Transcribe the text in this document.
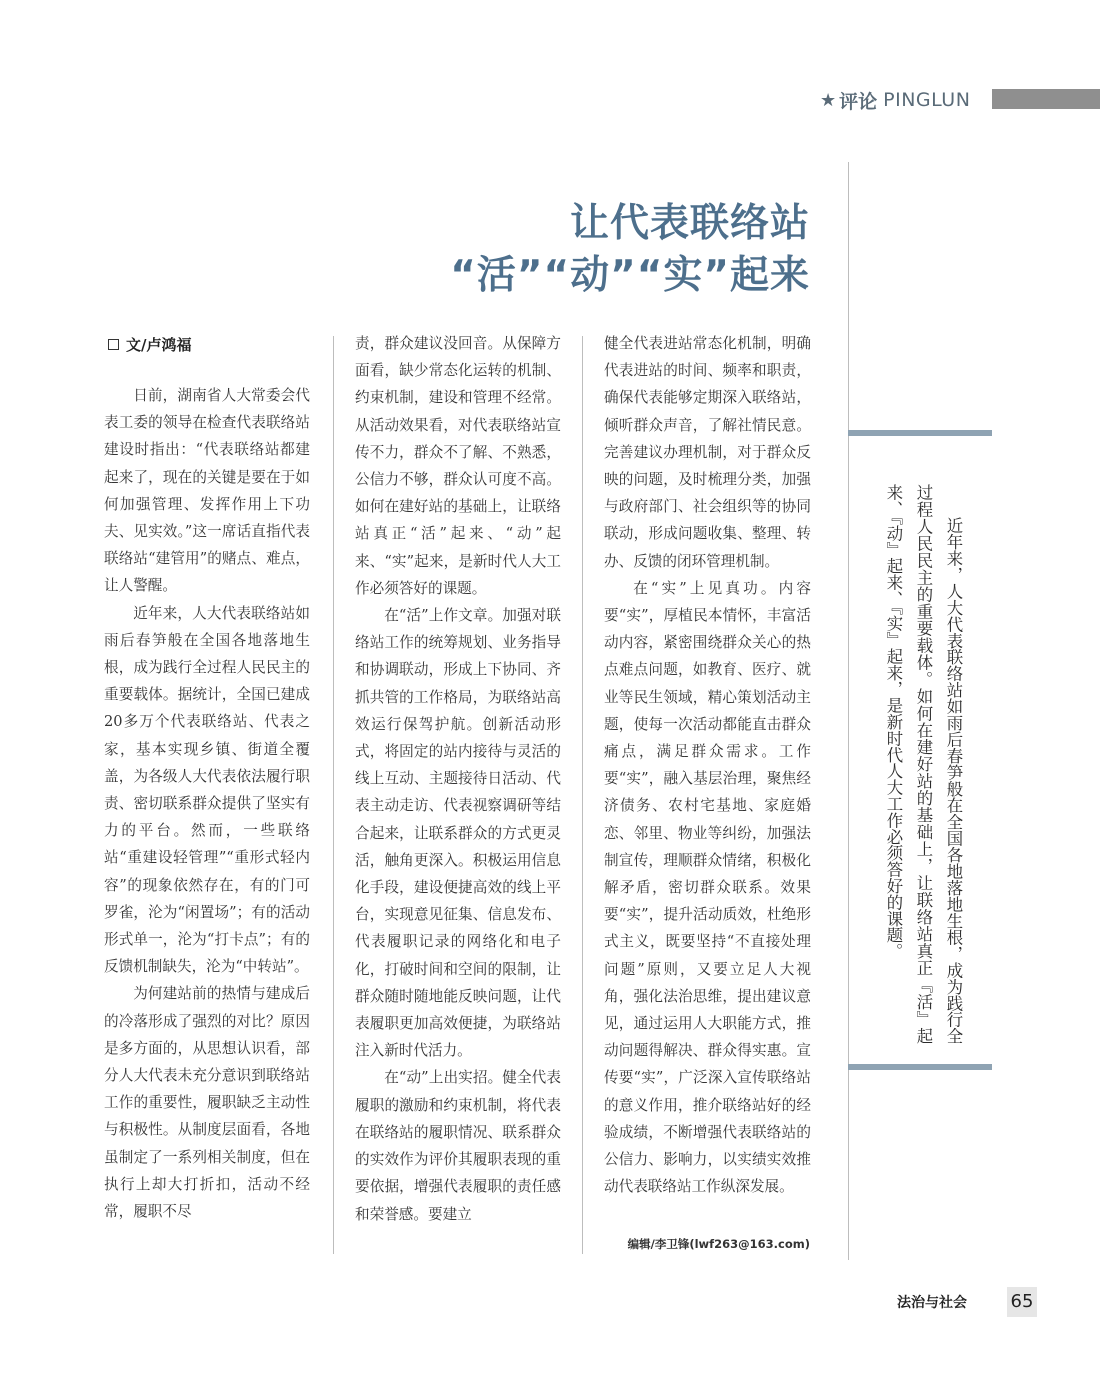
★ 评论 PINGLUN
让代表联络站
“活”“动”“实”起来
文/卢鸿福

日前，湖南省人大常委会代表工委的领导在检查代表联络站建设时指出：“代表联络站都建起来了，现在的关键是要在于如何加强管理、发挥作用上下功夫、见实效。”这一席话直指代表联络站“建管用”的赌点、难点，让人警醒。

近年来，人大代表联络站如雨后春笋般在全国各地落地生根，成为践行全过程人民民主的重要载体。据统计，全国已建成20多万个代表联络站、代表之家，基本实现乡镇、街道全覆盖，为各级人大代表依法履行职责、密切联系群众提供了坚实有力的平台。然而，一些联络站“重建设轻管理”“重形式轻内容”的现象依然存在，有的门可罗雀，沦为“闲置场”；有的活动形式单一，沦为“打卡点”；有的反馈机制缺失，沦为“中转站”。

为何建站前的热情与建成后的冷落形成了强烈的对比？原因是多方面的，从思想认识看，部分人大代表未充分意识到联络站工作的重要性，履职缺乏主动性与积极性。从制度层面看，各地虽制定了一系列相关制度，但在执行上却大打折扣，活动不经常，履职不尽

责，群众建议没回音。从保障方面看，缺少常态化运转的机制、约束机制，建设和管理不经常。从活动效果看，对代表联络站宣传不力，群众不了解、不熟悉，公信力不够，群众认可度不高。如何在建好站的基础上，让联络站真正“活”起来、“动”起来、“实”起来，是新时代人大工作必须答好的课题。

在“活”上作文章。加强对联络站工作的统筹规划、业务指导和协调联动，形成上下协同、齐抓共管的工作格局，为联络站高效运行保驾护航。创新活动形式，将固定的站内接待与灵活的线上互动、主题接待日活动、代表主动走访、代表视察调研等结合起来，让联系群众的方式更灵活，触角更深入。积极运用信息化手段，建设便捷高效的线上平台，实现意见征集、信息发布、代表履职记录的网络化和电子化，打破时间和空间的限制，让群众随时随地能反映问题，让代表履职更加高效便捷，为联络站注入新时代活力。

在“动”上出实招。健全代表履职的激励和约束机制，将代表在联络站的履职情况、联系群众的实效作为评价其履职表现的重要依据，增强代表履职的责任感和荣誉感。要建立

健全代表进站常态化机制，明确代表进站的时间、频率和职责，确保代表能够定期深入联络站，倾听群众声音，了解社情民意。完善建议办理机制，对于群众反映的问题，及时梳理分类，加强与政府部门、社会组织等的协同联动，形成问题收集、整理、转办、反馈的闭环管理机制。

在“实”上见真功。内容要“实”，厚植民本情怀，丰富活动内容，紧密围绕群众关心的热点难点问题，如教育、医疗、就业等民生领域，精心策划活动主题，使每一次活动都能直击群众痛点，满足群众需求。工作要“实”，融入基层治理，聚焦经济债务、农村宅基地、家庭婚恋、邻里、物业等纠纷，加强法制宣传，理顺群众情绪，积极化解矛盾，密切群众联系。效果要“实”，提升活动质效，杜绝形式主义，既要坚持“不直接处理问题”原则，又要立足人大视角，强化法治思维，提出建议意见，通过运用人大职能方式，推动问题得解决、群众得实惠。宣传要“实”，广泛深入宣传联络站的意义作用，推介联络站好的经验成绩，不断增强代表联络站的公信力、影响力，以实绩实效推动代表联络站工作纵深发展。

编辑/李卫锋(lwf263@163.com)

近年来，人大代表联络站如雨后春笋般在全国各地落地生根，成为践行全过程人民民主的重要载体。如何在建好站的基础上，让联络站真正『活』起来、『动』起来、『实』起来，是新时代人大工作必须答好的课题。

法治与社会 65
